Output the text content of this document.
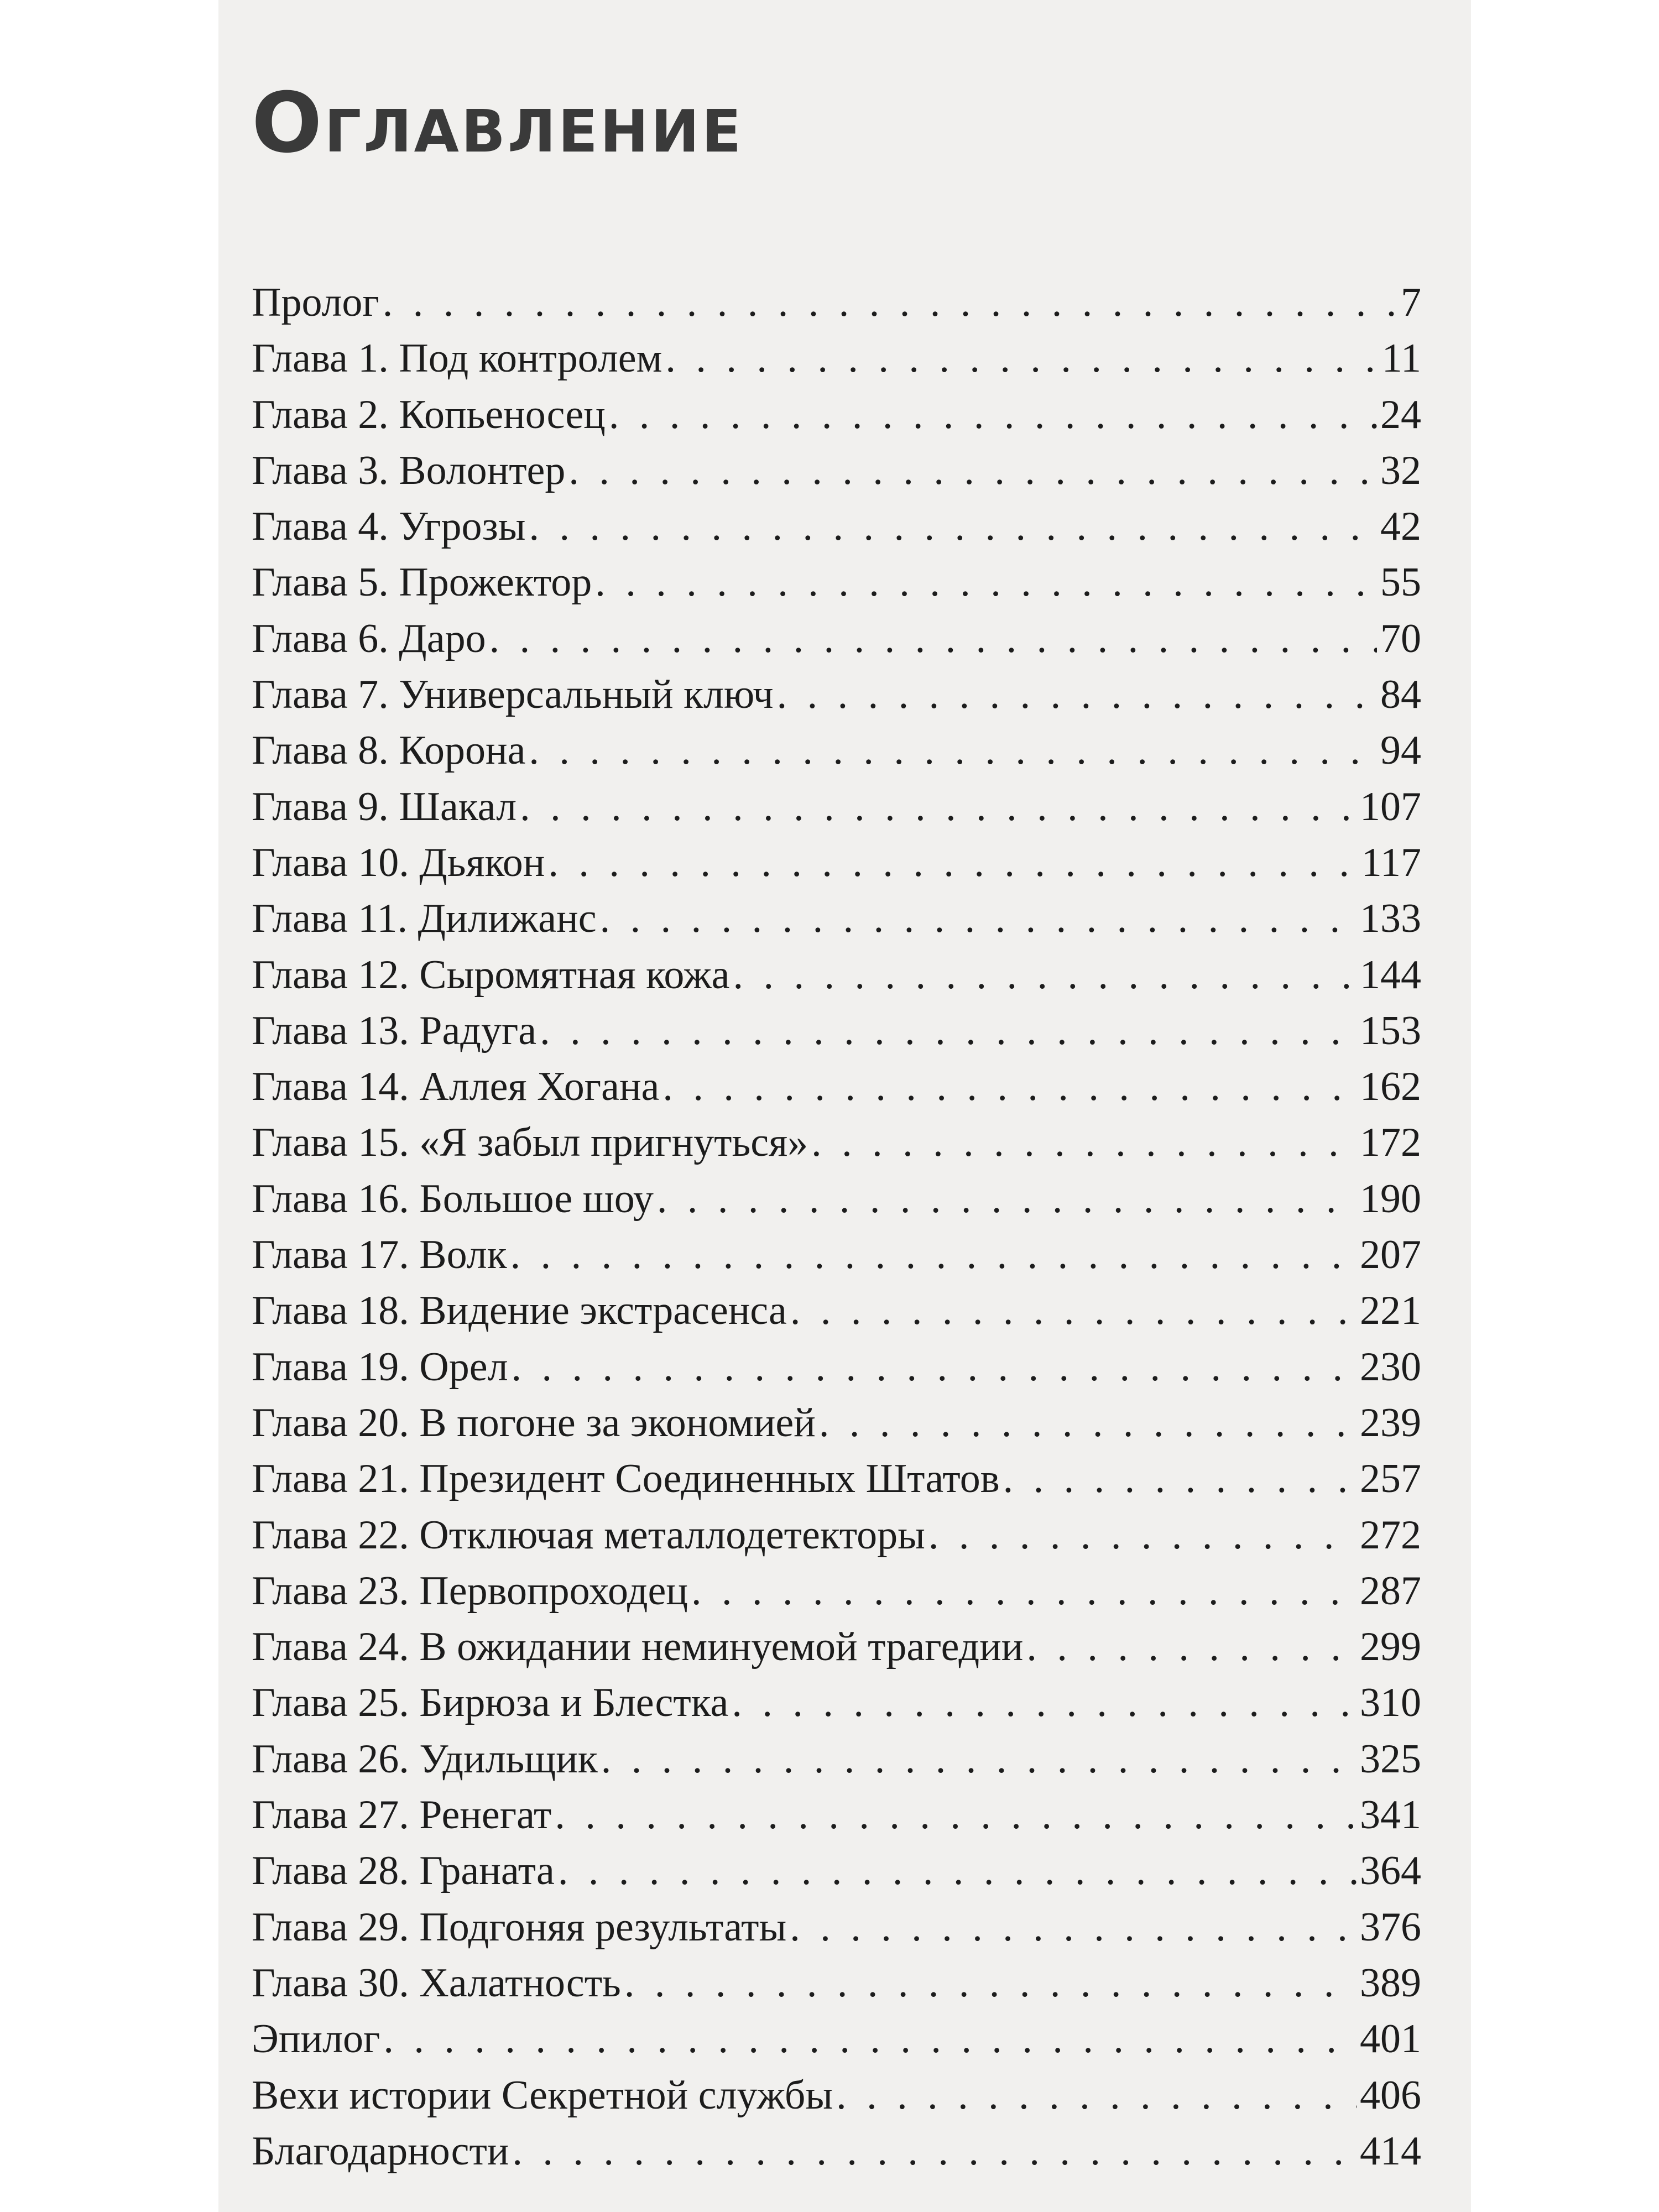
Оглавление
Пролог . . .	7
Глава 1. Под контролем . . .	11
Глава 2. Копьеносец . . .	24
Глава 3. Волонтер . . .	32
Глава 4. Угрозы . . .	42
Глава 5. Прожектор . . .	55
Глава 6. Даро . . .	70
Глава 7. Универсальный ключ . . .	84
Глава 8. Корона . . .	94
Глава 9. Шакал . . .	107
Глава 10. Дьякон . . .	117
Глава 11. Дилижанс . . .	133
Глава 12. Сыромятная кожа . . .	144
Глава 13. Радуга . . .	153
Глава 14. Аллея Хогана . . .	162
Глава 15. «Я забыл пригнуться» . . .	172
Глава 16. Большое шоу . . .	190
Глава 17. Волк . . .	207
Глава 18. Видение экстрасенса . . .	221
Глава 19. Орел . . .	230
Глава 20. В погоне за экономией . . .	239
Глава 21. Президент Соединенных Штатов . . .	257
Глава 22. Отключая металлодетекторы . . .	272
Глава 23. Первопроходец . . .	287
Глава 24. В ожидании неминуемой трагедии . . .	299
Глава 25. Бирюза и Блестка . . .	310
Глава 26. Удильщик . . .	325
Глава 27. Ренегат . . .	341
Глава 28. Граната . . .	364
Глава 29. Подгоняя результаты . . .	376
Глава 30. Халатность . . .	389
Эпилог . . .	401
Вехи истории Секретной службы . . .	406
Благодарности . . .	414
